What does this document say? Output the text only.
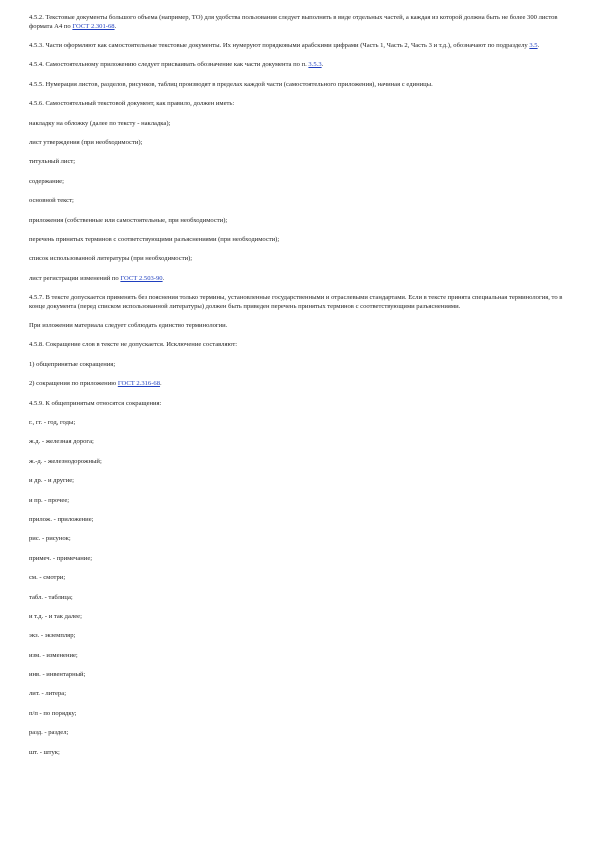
4.5.2. Текстовые документы большого объема (например, ТО) для удобства пользования следует выполнять в виде отдельных частей, а каждая из которой должна быть не более 300 листов формата А4 по ГОСТ 2.301-68.

4.5.3. Части оформляют как самостоятельные текстовые документы. Их нумеруют порядковыми арабскими цифрами (Часть 1, Часть 2, Часть 3 и т.д.), обозначают по подразделу 3.5.

4.5.4. Самостоятельному приложению следует присваивать обозначение как части документа по п. 3.5.3.

4.5.5. Нумерация листов, разделов, рисунков, таблиц производят в пределах каждой части (самостоятельного приложения), начиная с единицы.

4.5.6. Самостоятельный текстовой документ, как правило, должен иметь:

накладку на обложку (далее по тексту - накладка);

лист утверждения (при необходимости);

титульный лист;

содержание;

основной текст;

приложения (собственные или самостоятельные, при необходимости);

перечень принятых терминов с соответствующими разъяснениями (при необходимости);

список использованной литературы (при необходимости);

лист регистрации изменений по ГОСТ 2.503-90.

4.5.7. В тексте допускается применять без пояснения только термины, установленные государственными и отраслевыми стандартами. Если в тексте принята специальная терминология, то в конце документа (перед списком использованной литературы) должен быть приведен перечень принятых терминов с соответствующими разъяснениями.

При изложении материала следует соблюдать единство терминологии.

4.5.8. Сокращение слов в тексте не допускается. Исключение составляют:

1) общепринятые сокращения;

2) сокращения по приложению ГОСТ 2.316-68.

4.5.9. К общепринятым относятся сокращения:

г., гг. - год, годы;

ж.д. - железная дорога;

ж.-д. - железнодорожный;

и др. - и другие;

и пр. - прочее;

прилож. - приложение;

рис. - рисунок;

примеч. - примечание;

см. - смотри;

табл. - таблица;

и т.д. - и так далее;

экз. - экземпляр;

изм. - изменение;

инв. - инвентарный;

лит. - литера;

п/п - по порядку;

разд. - раздел;

шт. - штук;
